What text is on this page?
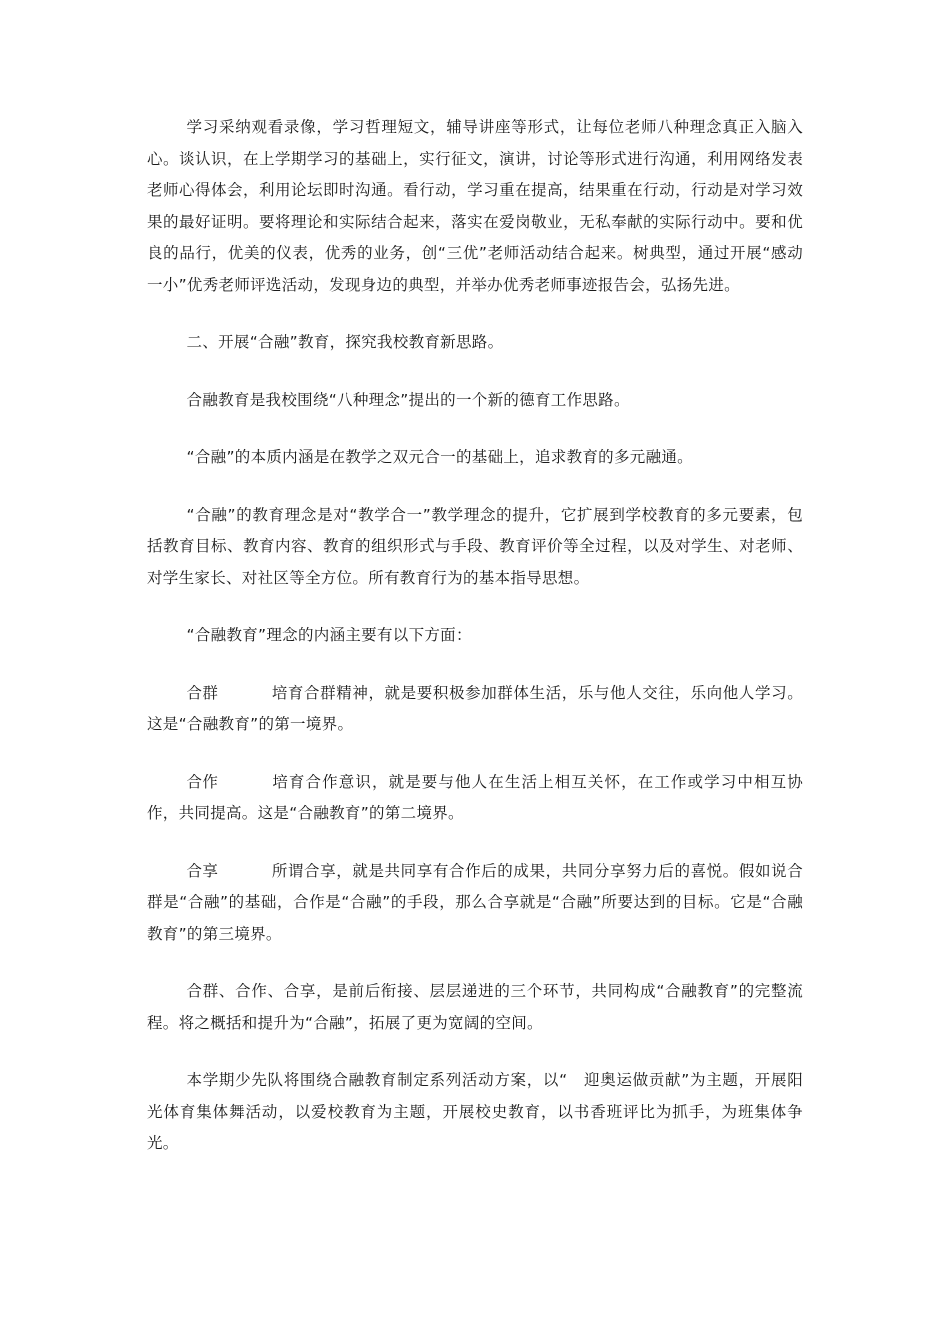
学习采纳观看录像，学习哲理短文，辅导讲座等形式，让每位老师八种理念真正入脑入心。谈认识，在上学期学习的基础上，实行征文，演讲，讨论等形式进行沟通，利用网络发表老师心得体会，利用论坛即时沟通。看行动，学习重在提高，结果重在行动，行动是对学习效果的最好证明。要将理论和实际结合起来，落实在爱岗敬业，无私奉献的实际行动中。要和优良的品行，优美的仪表，优秀的业务，创“三优”老师活动结合起来。树典型，通过开展“感动一小”优秀老师评选活动，发现身边的典型，并举办优秀老师事迹报告会，弘扬先进。

二、开展“合融”教育，探究我校教育新思路。

合融教育是我校围绕“八种理念”提出的一个新的德育工作思路。

“合融”的本质内涵是在教学之双元合一的基础上，追求教育的多元融通。

“合融”的教育理念是对“教学合一”教学理念的提升，它扩展到学校教育的多元要素，包括教育目标、教育内容、教育的组织形式与手段、教育评价等全过程，以及对学生、对老师、对学生家长、对社区等全方位。所有教育行为的基本指导思想。

“合融教育”理念的内涵主要有以下方面：

合群	培育合群精神，就是要积极参加群体生活，乐与他人交往，乐向他人学习。这是“合融教育”的第一境界。

合作	培育合作意识，就是要与他人在生活上相互关怀，在工作或学习中相互协作，共同提高。这是“合融教育”的第二境界。

合享	所谓合享，就是共同享有合作后的成果，共同分享努力后的喜悦。假如说合群是“合融”的基础，合作是“合融”的手段，那么合享就是“合融”所要达到的目标。它是“合融教育”的第三境界。

合群、合作、合享，是前后衔接、层层递进的三个环节，共同构成“合融教育”的完整流程。将之概括和提升为“合融”，拓展了更为宽阔的空间。

本学期少先队将围绕合融教育制定系列活动方案，以“　迎奥运做贡献”为主题，开展阳光体育集体舞活动，以爱校教育为主题，开展校史教育，以书香班评比为抓手，为班集体争光。
